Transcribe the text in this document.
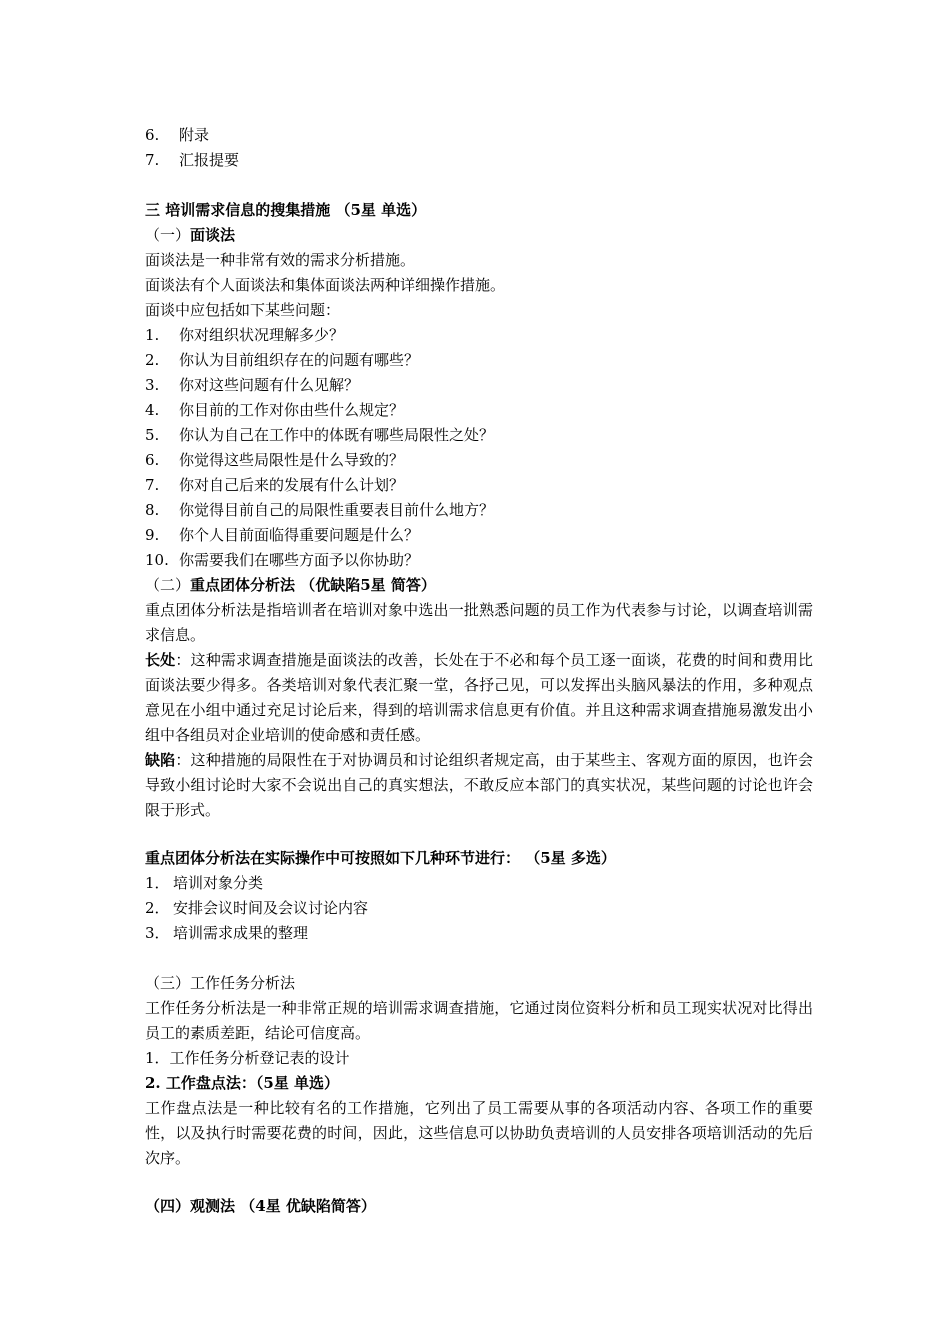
6. 附录
7. 汇报提要
三 培训需求信息的搜集措施 （5星 单选）
（一）面谈法
面谈法是一种非常有效的需求分析措施。
面谈法有个人面谈法和集体面谈法两种详细操作措施。
面谈中应包括如下某些问题：
1. 你对组织状况理解多少？
2. 你认为目前组织存在的问题有哪些？
3. 你对这些问题有什么见解？
4. 你目前的工作对你由些什么规定？
5. 你认为自己在工作中的体既有哪些局限性之处？
6. 你觉得这些局限性是什么导致的？
7. 你对自己后来的发展有什么计划？
8. 你觉得目前自己的局限性重要表目前什么地方？
9. 你个人目前面临得重要问题是什么？
10. 你需要我们在哪些方面予以你协助？
（二）重点团体分析法 （优缺陷5星 简答）
重点团体分析法是指培训者在培训对象中选出一批熟悉问题的员工作为代表参与讨论，以调查培训需求信息。
长处：这种需求调查措施是面谈法的改善，长处在于不必和每个员工逐一面谈，花费的时间和费用比面谈法要少得多。各类培训对象代表汇聚一堂，各抒己见，可以发挥出头脑风暴法的作用，多种观点意见在小组中通过充足讨论后来，得到的培训需求信息更有价值。并且这种需求调查措施易激发出小组中各组员对企业培训的使命感和责任感。
缺陷：这种措施的局限性在于对协调员和讨论组织者规定高，由于某些主、客观方面的原因，也许会导致小组讨论时大家不会说出自己的真实想法，不敢反应本部门的真实状况，某些问题的讨论也许会限于形式。
重点团体分析法在实际操作中可按照如下几种环节进行： （5星 多选）
1． 培训对象分类
2． 安排会议时间及会议讨论内容
3． 培训需求成果的整理
（三）工作任务分析法
工作任务分析法是一种非常正规的培训需求调查措施，它通过岗位资料分析和员工现实状况对比得出员工的素质差距，结论可信度高。
1．工作任务分析登记表的设计
2. 工作盘点法：（5星 单选）
工作盘点法是一种比较有名的工作措施，它列出了员工需要从事的各项活动内容、各项工作的重要性，以及执行时需要花费的时间，因此，这些信息可以协助负责培训的人员安排各项培训活动的先后次序。
（四）观测法 （4星 优缺陷简答）
